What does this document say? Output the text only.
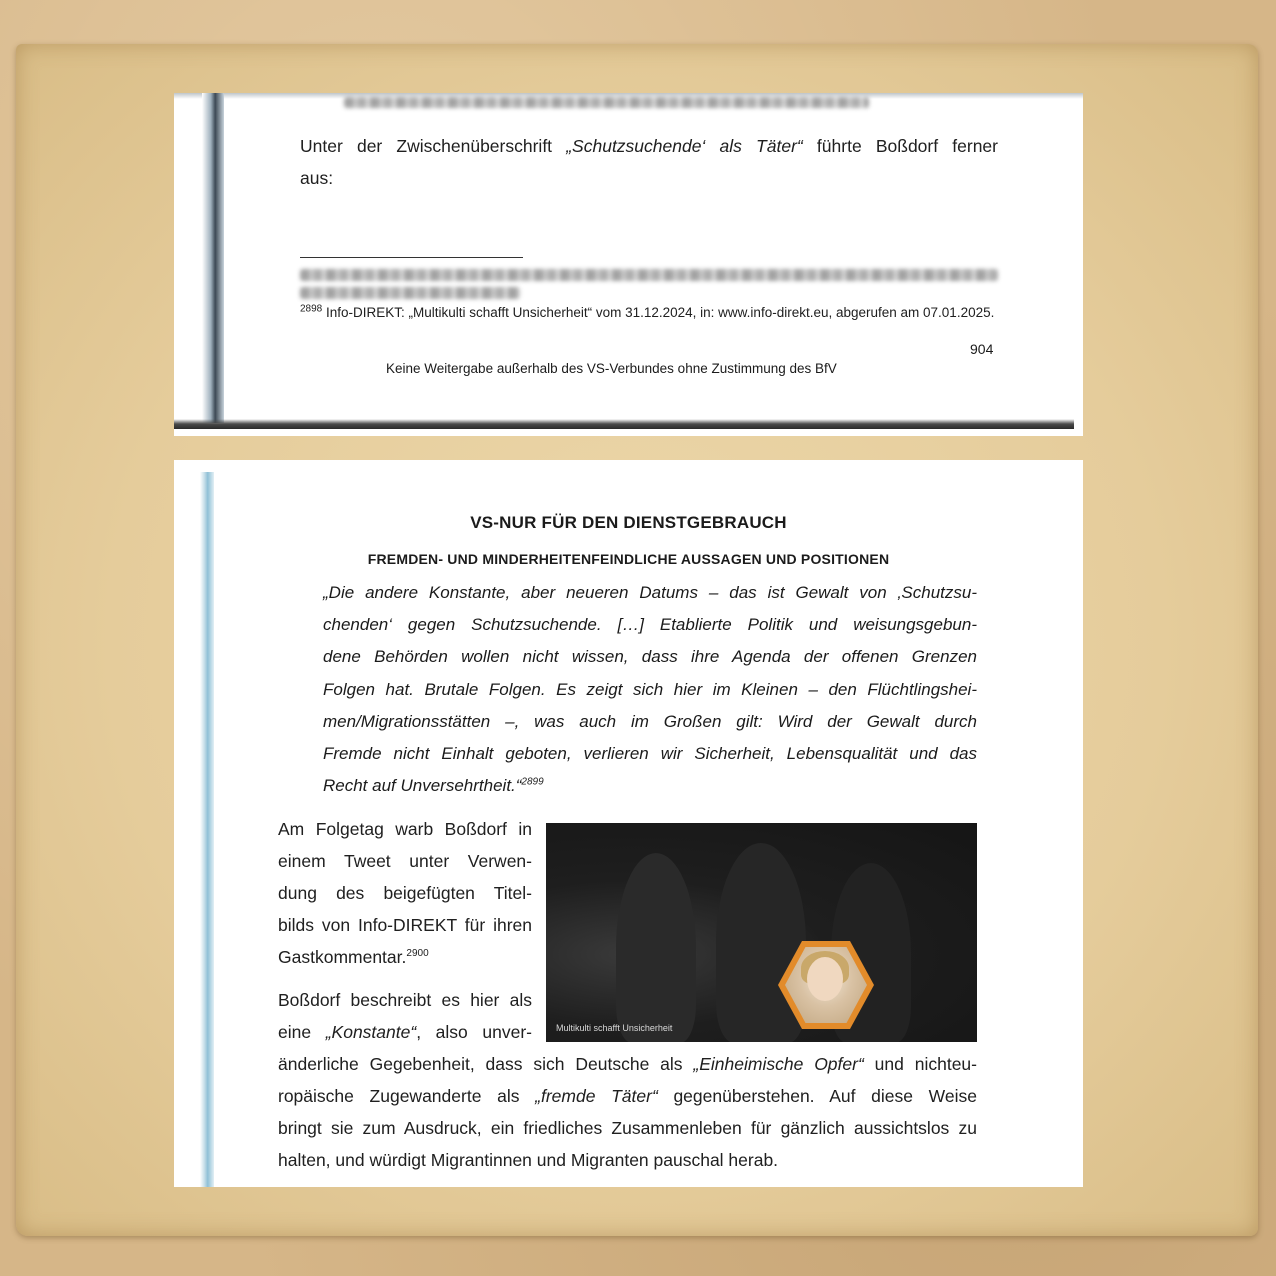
Unter der Zwischenüberschrift „Schutzsuchende‘ als Täter“ führte Boßdorf ferner

aus:

$^{2898}$ Info-DIREKT: „Multikulti schafft Unsicherheit“ vom 31.12.2024, in: www.info-direkt.eu, abgerufen am 07.01.2025.

904

Keine Weitergabe außerhalb des VS-Verbundes ohne Zustimmung des BfV

VS-NUR FÜR DEN DIENSTGEBRAUCH

FREMDEN- UND MINDERHEITENFEINDLICHE AUSSAGEN UND POSITIONEN

„Die andere Konstante, aber neueren Datums – das ist Gewalt von ‚Schutzsu-
chenden‘ gegen Schutzsuchende. […] Etablierte Politik und weisungsgebun-
dene Behörden wollen nicht wissen, dass ihre Agenda der offenen Grenzen
Folgen hat. Brutale Folgen. Es zeigt sich hier im Kleinen – den Flüchtlingshei-
men/Migrationsstätten –, was auch im Großen gilt: Wird der Gewalt durch
Fremde nicht Einhalt geboten, verlieren wir Sicherheit, Lebensqualität und das
Recht auf Unversehrtheit.“$^{2899}$
Am Folgetag warb Boßdorf in
einem Tweet unter Verwen-
dung des beigefügten Titel-
bilds von Info-DIREKT für ihren
Gastkommentar.$^{2900}$
Multikulti schafft Unsicherheit
Boßdorf beschreibt es hier als
eine „Konstante“, also unver-
änderliche Gegebenheit, dass sich Deutsche als „Einheimische Opfer“ und nichteu-
ropäische Zugewanderte als „fremde Täter“ gegenüberstehen. Auf diese Weise
bringt sie zum Ausdruck, ein friedliches Zusammenleben für gänzlich aussichtslos zu
halten, und würdigt Migrantinnen und Migranten pauschal herab.
